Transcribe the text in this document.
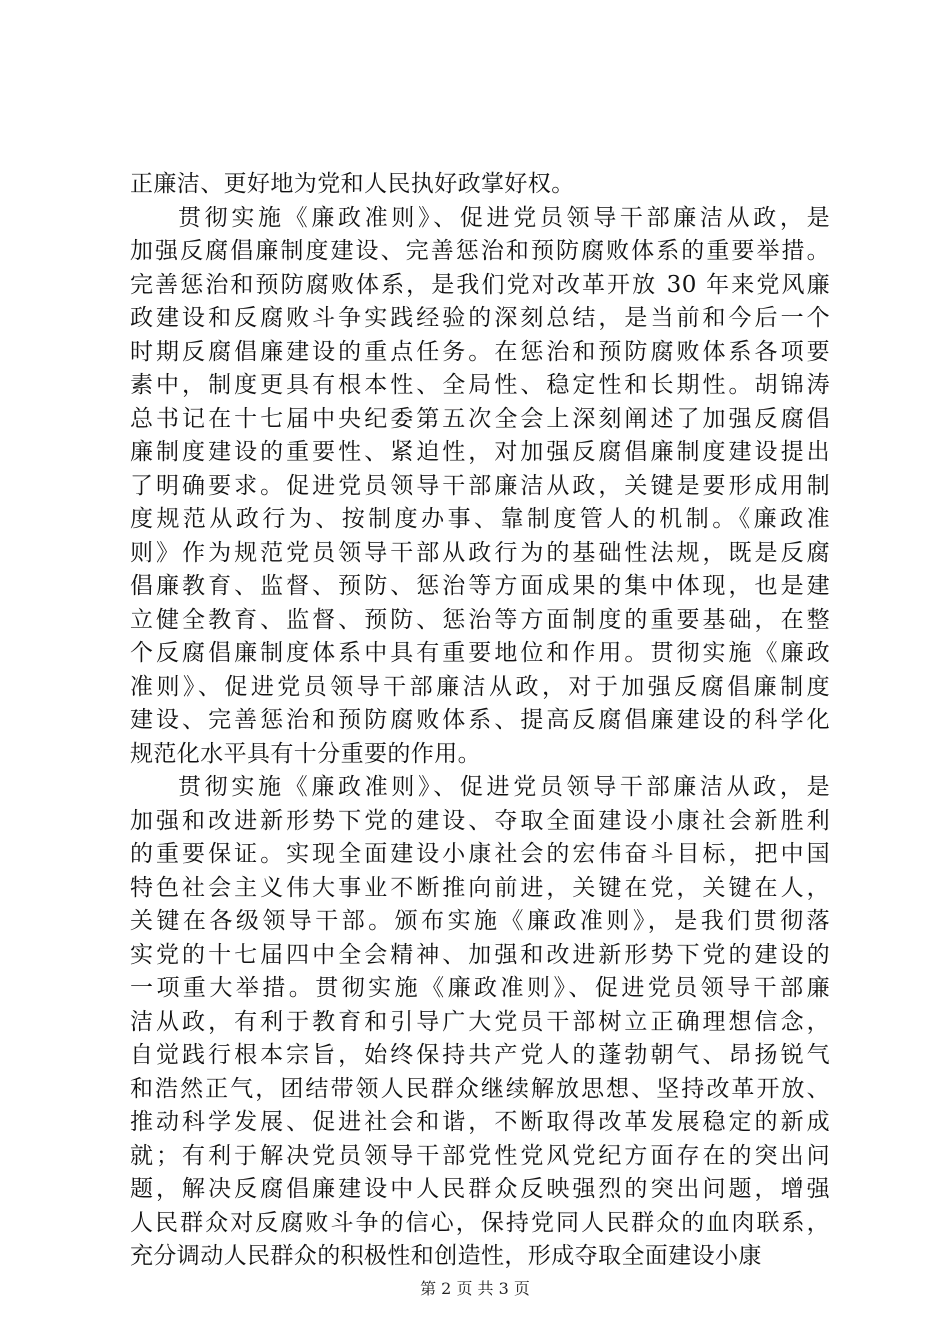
正廉洁、更好地为党和人民执好政掌好权。
贯彻实施《廉政准则》、促进党员领导干部廉洁从政，是
加强反腐倡廉制度建设、完善惩治和预防腐败体系的重要举措。
完善惩治和预防腐败体系，是我们党对改革开放 30 年来党风廉
政建设和反腐败斗争实践经验的深刻总结，是当前和今后一个
时期反腐倡廉建设的重点任务。在惩治和预防腐败体系各项要
素中，制度更具有根本性、全局性、稳定性和长期性。胡锦涛
总书记在十七届中央纪委第五次全会上深刻阐述了加强反腐倡
廉制度建设的重要性、紧迫性，对加强反腐倡廉制度建设提出
了明确要求。促进党员领导干部廉洁从政，关键是要形成用制
度规范从政行为、按制度办事、靠制度管人的机制。《廉政准
则》作为规范党员领导干部从政行为的基础性法规，既是反腐
倡廉教育、监督、预防、惩治等方面成果的集中体现，也是建
立健全教育、监督、预防、惩治等方面制度的重要基础，在整
个反腐倡廉制度体系中具有重要地位和作用。贯彻实施《廉政
准则》、促进党员领导干部廉洁从政，对于加强反腐倡廉制度
建设、完善惩治和预防腐败体系、提高反腐倡廉建设的科学化
规范化水平具有十分重要的作用。
贯彻实施《廉政准则》、促进党员领导干部廉洁从政，是
加强和改进新形势下党的建设、夺取全面建设小康社会新胜利
的重要保证。实现全面建设小康社会的宏伟奋斗目标，把中国
特色社会主义伟大事业不断推向前进，关键在党，关键在人，
关键在各级领导干部。颁布实施《廉政准则》，是我们贯彻落
实党的十七届四中全会精神、加强和改进新形势下党的建设的
一项重大举措。贯彻实施《廉政准则》、促进党员领导干部廉
洁从政，有利于教育和引导广大党员干部树立正确理想信念，
自觉践行根本宗旨，始终保持共产党人的蓬勃朝气、昂扬锐气
和浩然正气，团结带领人民群众继续解放思想、坚持改革开放、
推动科学发展、促进社会和谐，不断取得改革发展稳定的新成
就；有利于解决党员领导干部党性党风党纪方面存在的突出问
题，解决反腐倡廉建设中人民群众反映强烈的突出问题，增强
人民群众对反腐败斗争的信心，保持党同人民群众的血肉联系，
充分调动人民群众的积极性和创造性，形成夺取全面建设小康
第 2 页 共 3 页
